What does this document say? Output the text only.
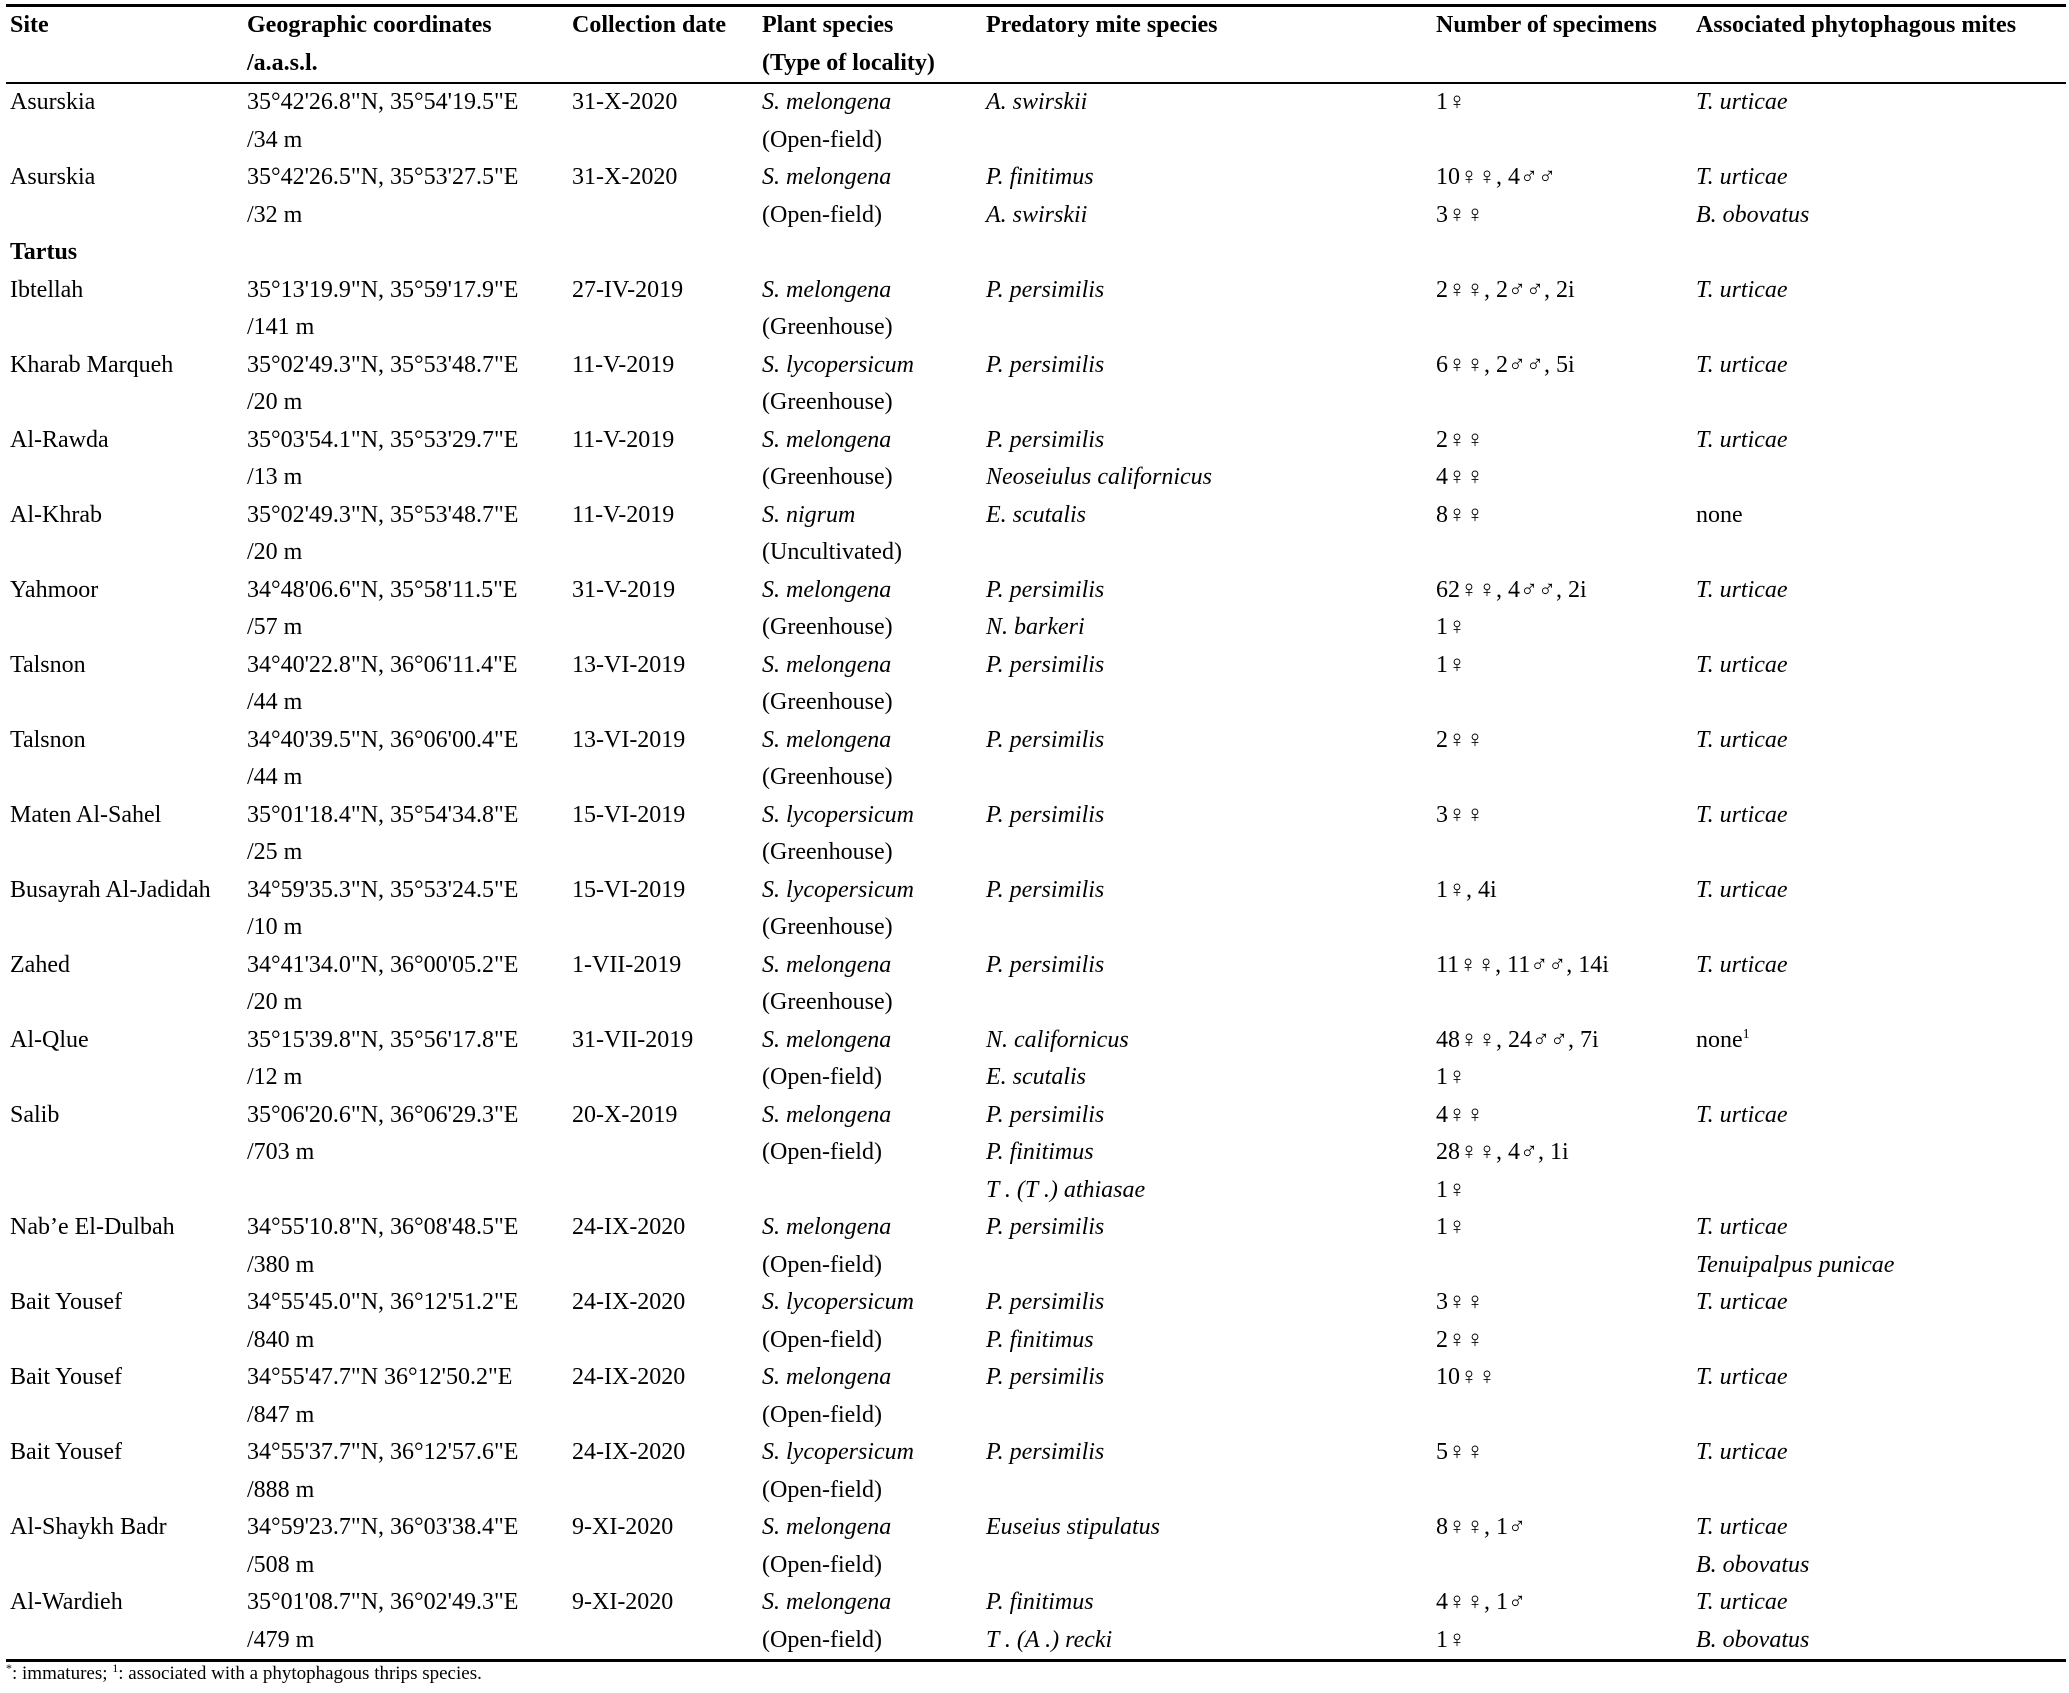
Site	Geographic coordinates	Collection date	Plant species	Predatory mite species	Number of specimens	Associated phytophagous mites
	/a.a.s.l.		(Type of locality)			
Asurskia	35°42'26.8"N, 35°54'19.5"E	31-X-2020	S. melongena	A. swirskii	1♀	T. urticae
	/34 m		(Open-field)			
Asurskia	35°42'26.5"N, 35°53'27.5"E	31-X-2020	S. melongena	P. finitimus	10♀♀, 4♂♂	T. urticae
	/32 m		(Open-field)	A. swirskii	3♀♀	B. obovatus
Tartus						
Ibtellah	35°13'19.9"N, 35°59'17.9"E	27-IV-2019	S. melongena	P. persimilis	2♀♀, 2♂♂, 2i	T. urticae
	/141 m		(Greenhouse)			
Kharab Marqueh	35°02'49.3"N, 35°53'48.7"E	11-V-2019	S. lycopersicum	P. persimilis	6♀♀, 2♂♂, 5i	T. urticae
	/20 m		(Greenhouse)			
Al-Rawda	35°03'54.1"N, 35°53'29.7"E	11-V-2019	S. melongena	P. persimilis	2♀♀	T. urticae
	/13 m		(Greenhouse)	Neoseiulus californicus	4♀♀	
Al-Khrab	35°02'49.3"N, 35°53'48.7"E	11-V-2019	S. nigrum	E. scutalis	8♀♀	none
	/20 m		(Uncultivated)			
Yahmoor	34°48'06.6"N, 35°58'11.5"E	31-V-2019	S. melongena	P. persimilis	62♀♀, 4♂♂, 2i	T. urticae
	/57 m		(Greenhouse)	N. barkeri	1♀	
Talsnon	34°40'22.8"N, 36°06'11.4"E	13-VI-2019	S. melongena	P. persimilis	1♀	T. urticae
	/44 m		(Greenhouse)			
Talsnon	34°40'39.5"N, 36°06'00.4"E	13-VI-2019	S. melongena	P. persimilis	2♀♀	T. urticae
	/44 m		(Greenhouse)			
Maten Al-Sahel	35°01'18.4"N, 35°54'34.8"E	15-VI-2019	S. lycopersicum	P. persimilis	3♀♀	T. urticae
	/25 m		(Greenhouse)			
Busayrah Al-Jadidah	34°59'35.3"N, 35°53'24.5"E	15-VI-2019	S. lycopersicum	P. persimilis	1♀, 4i	T. urticae
	/10 m		(Greenhouse)			
Zahed	34°41'34.0"N, 36°00'05.2"E	1-VII-2019	S. melongena	P. persimilis	11♀♀, 11♂♂, 14i	T. urticae
	/20 m		(Greenhouse)			
Al-Qlue	35°15'39.8"N, 35°56'17.8"E	31-VII-2019	S. melongena	N. californicus	48♀♀, 24♂♂, 7i	none$^1$
	/12 m		(Open-field)	E. scutalis	1♀	
Salib	35°06'20.6"N, 36°06'29.3"E	20-X-2019	S. melongena	P. persimilis	4♀♀	T. urticae
	/703 m		(Open-field)	P. finitimus	28♀♀, 4♂, 1i	
				T . (T .) athiasae	1♀	
Nab’e El-Dulbah	34°55'10.8"N, 36°08'48.5"E	24-IX-2020	S. melongena	P. persimilis	1♀	T. urticae
	/380 m		(Open-field)			Tenuipalpus punicae
Bait Yousef	34°55'45.0"N, 36°12'51.2"E	24-IX-2020	S. lycopersicum	P. persimilis	3♀♀	T. urticae
	/840 m		(Open-field)	P. finitimus	2♀♀	
Bait Yousef	34°55'47.7"N 36°12'50.2"E	24-IX-2020	S. melongena	P. persimilis	10♀♀	T. urticae
	/847 m		(Open-field)			
Bait Yousef	34°55'37.7"N, 36°12'57.6"E	24-IX-2020	S. lycopersicum	P. persimilis	5♀♀	T. urticae
	/888 m		(Open-field)			
Al-Shaykh Badr	34°59'23.7"N, 36°03'38.4"E	9-XI-2020	S. melongena	Euseius stipulatus	8♀♀, 1♂	T. urticae
	/508 m		(Open-field)			B. obovatus
Al-Wardieh	35°01'08.7"N, 36°02'49.3"E	9-XI-2020	S. melongena	P. finitimus	4♀♀, 1♂	T. urticae
	/479 m		(Open-field)	T . (A .) recki	1♀	B. obovatus
*: immatures; $^1$: associated with a phytophagous thrips species.
